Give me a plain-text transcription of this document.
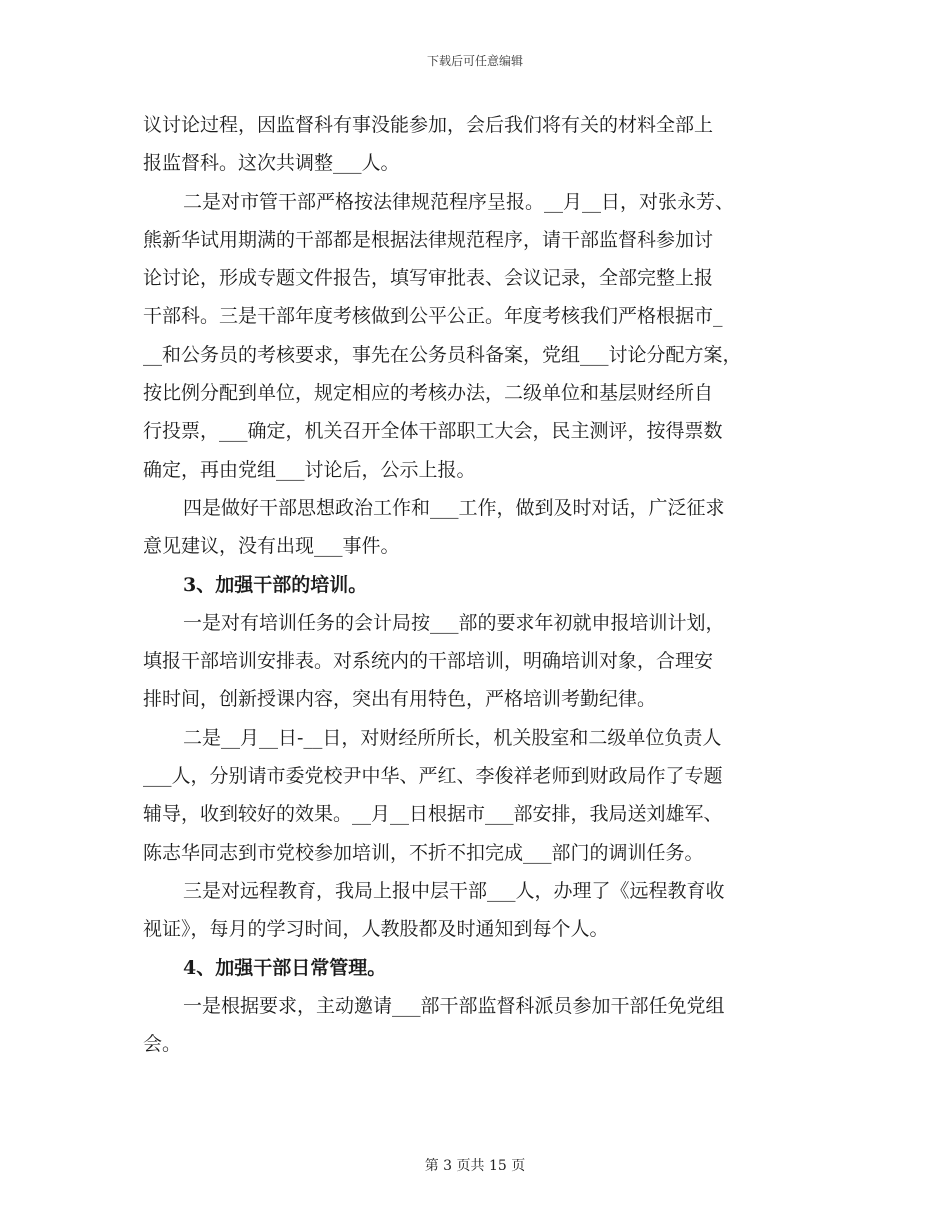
下载后可任意编辑
议讨论过程，因监督科有事没能参加，会后我们将有关的材料全部上
报监督科。这次共调整___人。
二是对市管干部严格按法律规范程序呈报。__月__日，对张永芳、
熊新华试用期满的干部都是根据法律规范程序，请干部监督科参加讨
论讨论，形成专题文件报告，填写审批表、会议记录，全部完整上报
干部科。三是干部年度考核做到公平公正。年度考核我们严格根据市_
__和公务员的考核要求，事先在公务员科备案，党组___讨论分配方案，
按比例分配到单位，规定相应的考核办法，二级单位和基层财经所自
行投票，___确定，机关召开全体干部职工大会，民主测评，按得票数
确定，再由党组___讨论后，公示上报。
四是做好干部思想政治工作和___工作，做到及时对话，广泛征求
意见建议，没有出现___事件。
3、加强干部的培训。
一是对有培训任务的会计局按___部的要求年初就申报培训计划，
填报干部培训安排表。对系统内的干部培训，明确培训对象，合理安
排时间，创新授课内容，突出有用特色，严格培训考勤纪律。
二是__月__日-__日，对财经所所长，机关股室和二级单位负责人
___人，分别请市委党校尹中华、严红、李俊祥老师到财政局作了专题
辅导，收到较好的效果。__月__日根据市___部安排，我局送刘雄军、
陈志华同志到市党校参加培训，不折不扣完成___部门的调训任务。
三是对远程教育，我局上报中层干部___人，办理了《远程教育收
视证》，每月的学习时间，人教股都及时通知到每个人。
4、加强干部日常管理。
一是根据要求，主动邀请___部干部监督科派员参加干部任免党组
会。
第 3 页共 15 页
